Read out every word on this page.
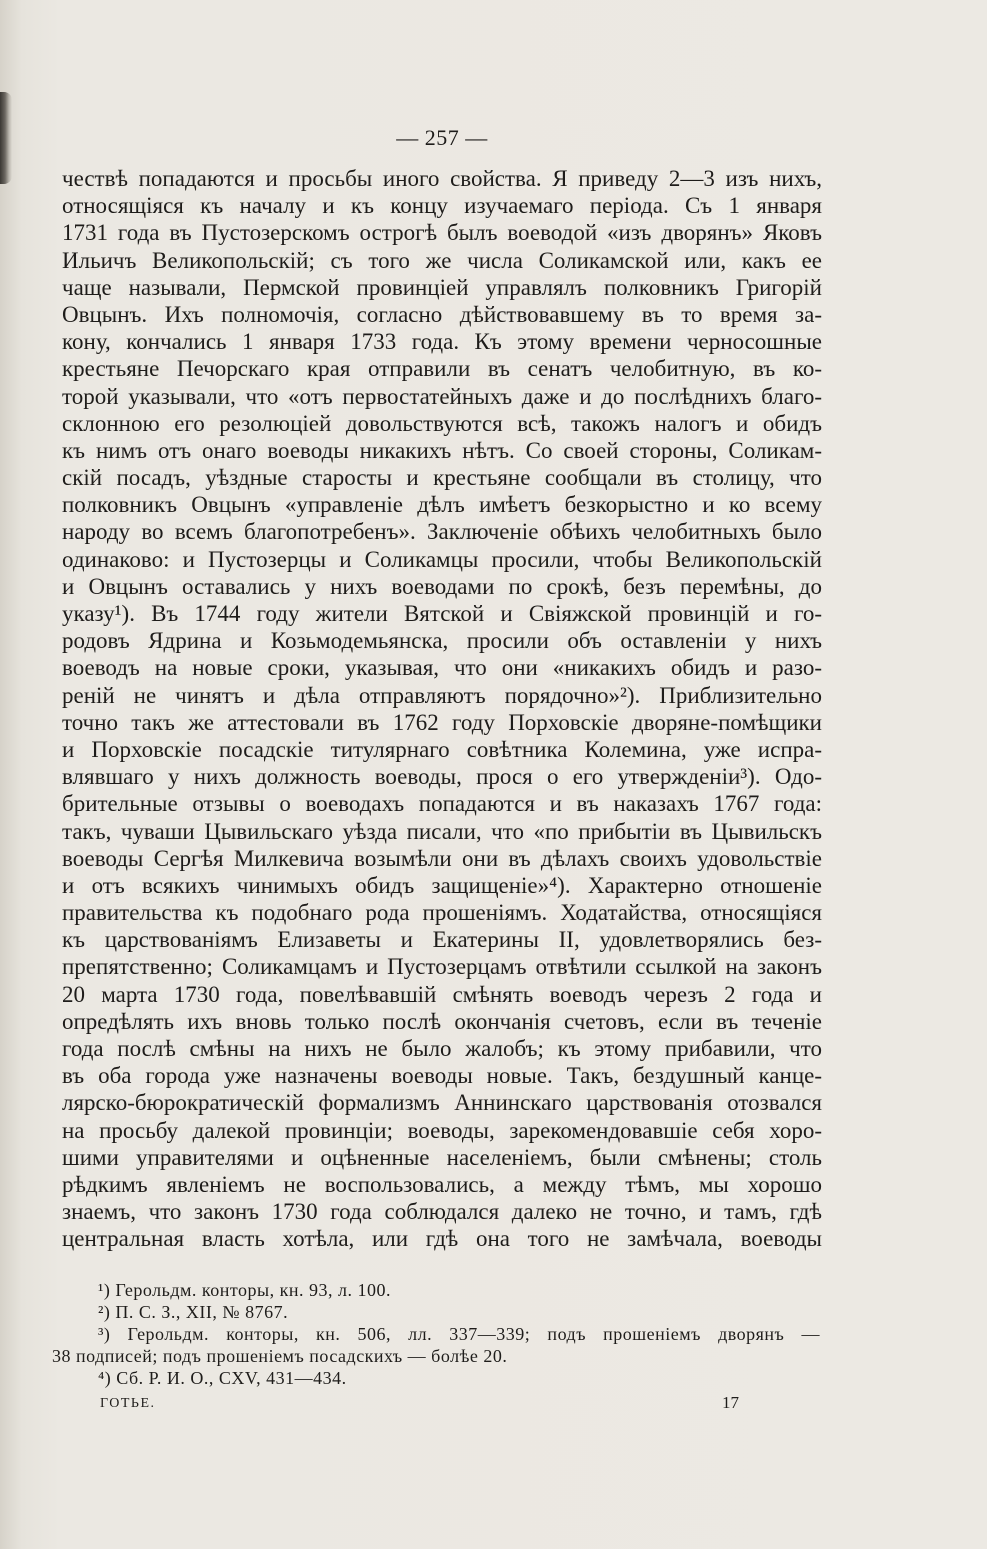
— 257 —
чествѣ попадаются и просьбы иного свойства. Я приведу 2—3 изъ нихъ,
относящіяся къ началу и къ концу изучаемаго періода. Съ 1 января
1731 года въ Пустозерскомъ острогѣ былъ воеводой «изъ дворянъ» Яковъ
Ильичъ Великопольскій; съ того же числа Соликамской или, какъ ее
чаще называли, Пермской провинціей управлялъ полковникъ Григорій
Овцынъ. Ихъ полномочія, согласно дѣйствовавшему въ то время за-
кону, кончались 1 января 1733 года. Къ этому времени черносошные
крестьяне Печорскаго края отправили въ сенатъ челобитную, въ ко-
торой указывали, что «отъ первостатейныхъ даже и до послѣднихъ благо-
склонною его резолюціей довольствуются всѣ, такожъ налогъ и обидъ
къ нимъ отъ онаго воеводы никакихъ нѣтъ. Со своей стороны, Соликам-
скій посадъ, уѣздные старосты и крестьяне сообщали въ столицу, что
полковникъ Овцынъ «управленіе дѣлъ имѣетъ безкорыстно и ко всему
народу во всемъ благопотребенъ». Заключеніе обѣихъ челобитныхъ было
одинаково: и Пустозерцы и Соликамцы просили, чтобы Великопольскій
и Овцынъ оставались у нихъ воеводами по срокѣ, безъ перемѣны, до
указу¹). Въ 1744 году жители Вятской и Свіяжской провинцій и го-
родовъ Ядрина и Козьмодемьянска, просили объ оставленіи у нихъ
воеводъ на новые сроки, указывая, что они «никакихъ обидъ и разо-
реній не чинятъ и дѣла отправляютъ порядочно»²). Приблизительно
точно такъ же аттестовали въ 1762 году Порховскіе дворяне-помѣщики
и Порховскіе посадскіе титулярнаго совѣтника Колемина, уже испра-
влявшаго у нихъ должность воеводы, прося о его утвержденіи³). Одо-
брительные отзывы о воеводахъ попадаются и въ наказахъ 1767 года:
такъ, чуваши Цывильскаго уѣзда писали, что «по прибытіи въ Цывильскъ
воеводы Сергѣя Милкевича возымѣли они въ дѣлахъ своихъ удовольствіе
и отъ всякихъ чинимыхъ обидъ защищеніе»⁴). Характерно отношеніе
правительства къ подобнаго рода прошеніямъ. Ходатайства, относящіяся
къ царствованіямъ Елизаветы и Екатерины II, удовлетворялись без-
препятственно; Соликамцамъ и Пустозерцамъ отвѣтили ссылкой на законъ
20 марта 1730 года, повелѣвавшій смѣнять воеводъ черезъ 2 года и
опредѣлять ихъ вновь только послѣ окончанія счетовъ, если въ теченіе
года послѣ смѣны на нихъ не было жалобъ; къ этому прибавили, что
въ оба города уже назначены воеводы новые. Такъ, бездушный канце-
лярско-бюрократическій формализмъ Аннинскаго царствованія отозвался
на просьбу далекой провинціи; воеводы, зарекомендовавшіе себя хоро-
шими управителями и оцѣненные населеніемъ, были смѣнены; столь
рѣдкимъ явленіемъ не воспользовались, а между тѣмъ, мы хорошо
знаемъ, что законъ 1730 года соблюдался далеко не точно, и тамъ, гдѣ
центральная власть хотѣла, или гдѣ она того не замѣчала, воеводы
¹) Герольдм. конторы, кн. 93, л. 100.
²) П. С. З., XII, № 8767.
³) Герольдм. конторы, кн. 506, лл. 337—339; подъ прошеніемъ дворянъ —
38 подписей; подъ прошеніемъ посадскихъ — болѣе 20.
⁴) Сб. Р. И. О., CXV, 431—434.
ГОТЬЕ.	17
